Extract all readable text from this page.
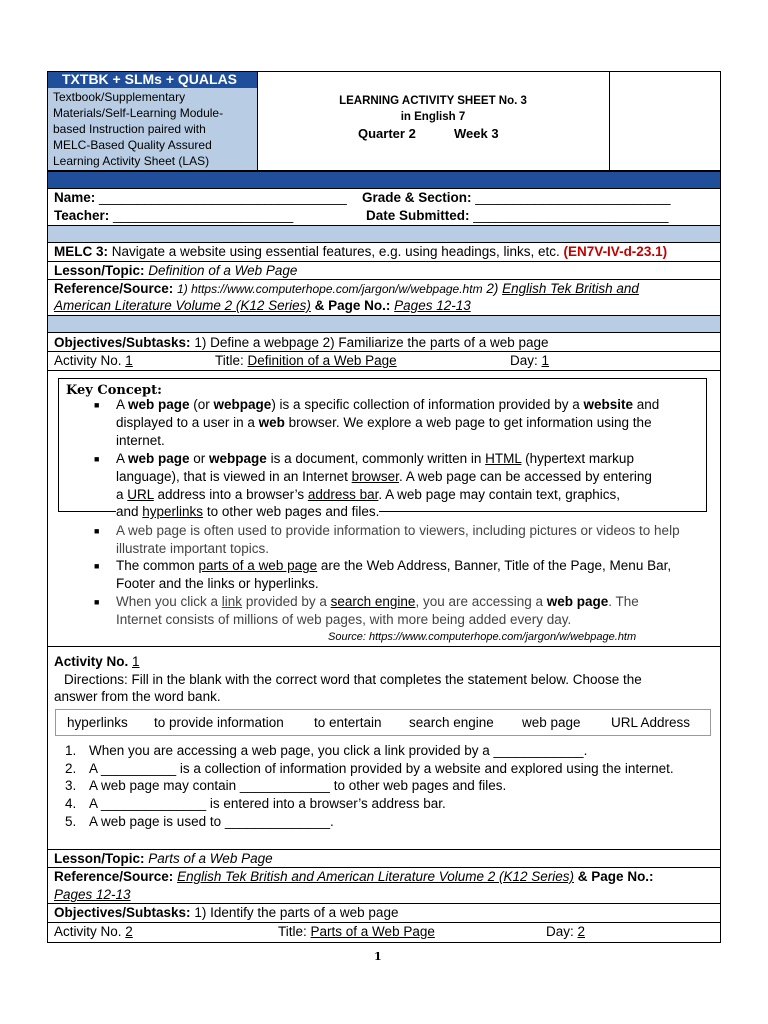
TXTBK + SLMs + QUALAS
Textbook/Supplementary
Materials/Self-Learning Module-
based Instruction paired with
MELC-Based Quality Assured
Learning Activity Sheet (LAS)
LEARNING ACTIVITY SHEET No. 3
in English 7
Quarter 2	Week 3
Name: _________________________________ Grade & Section: __________________________
Teacher: ________________________	Date Submitted: __________________________
MELC 3: Navigate a website using essential features, e.g. using headings, links, etc. (EN7V-IV-d-23.1)
Lesson/Topic: Definition of a Web Page
Reference/Source: 1) https://www.computerhope.com/jargon/w/webpage.htm 2) English Tek British and
American Literature Volume 2 (K12 Series) & Page No.: Pages 12-13
Objectives/Subtasks: 1) Define a webpage 2) Familiarize the parts of a web page
Activity No. 1	Title: Definition of a Web Page	Day: 1
Key Concept:
■ A web page (or webpage) is a specific collection of information provided by a website and
displayed to a user in a web browser. We explore a web page to get information using the
internet.
■ A web page or webpage is a document, commonly written in HTML (hypertext markup
language), that is viewed in an Internet browser. A web page can be accessed by entering
a URL address into a browser’s address bar. A web page may contain text, graphics,
and hyperlinks to other web pages and files.
■ A web page is often used to provide information to viewers, including pictures or videos to help
illustrate important topics.
■ The common parts of a web page are the Web Address, Banner, Title of the Page, Menu Bar,
Footer and the links or hyperlinks.
■ When you click a link provided by a search engine, you are accessing a web page. The
Internet consists of millions of web pages, with more being added every day.
Source: https://www.computerhope.com/jargon/w/webpage.htm
Activity No. 1
Directions: Fill in the blank with the correct word that completes the statement below. Choose the
answer from the word bank.
hyperlinks to provide information to entertain search engine web page URL Address
1. When you are accessing a web page, you click a link provided by a ____________.
2. A __________ is a collection of information provided by a website and explored using the internet.
3. A web page may contain ____________ to other web pages and files.
4. A ______________ is entered into a browser’s address bar.
5. A web page is used to ______________.
Lesson/Topic: Parts of a Web Page
Reference/Source: English Tek British and American Literature Volume 2 (K12 Series) & Page No.:
Pages 12-13
Objectives/Subtasks: 1) Identify the parts of a web page
Activity No. 2	Title: Parts of a Web Page	Day: 2
1
